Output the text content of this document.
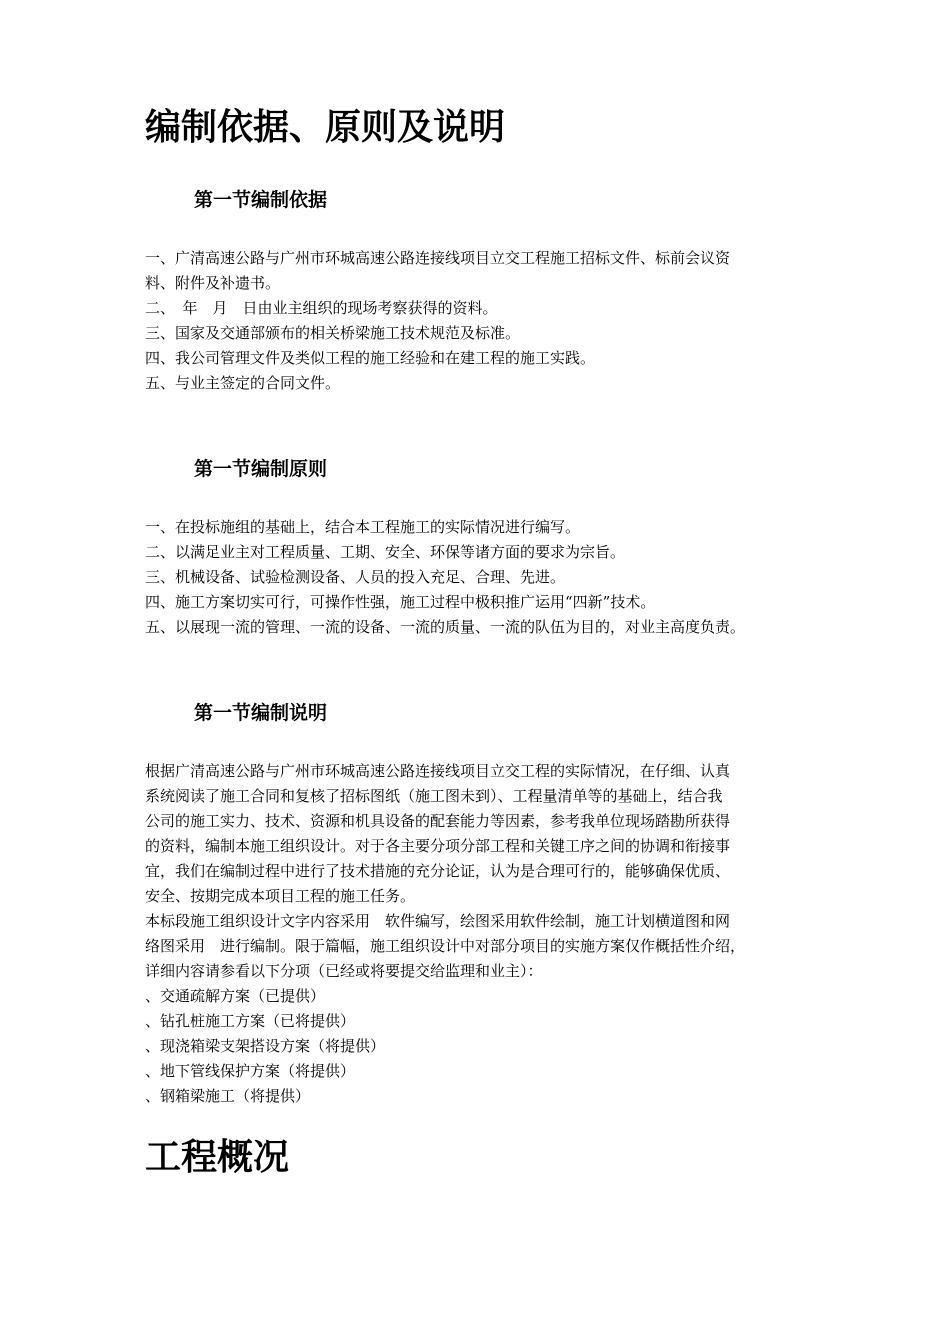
编制依据、原则及说明
第一节编制依据
一、广清高速公路与广州市环城高速公路连接线项目立交工程施工招标文件、标前会议资
料、附件及补遗书。
二、　年　月　日由业主组织的现场考察获得的资料。
三、国家及交通部颁布的相关桥梁施工技术规范及标准。
四、我公司管理文件及类似工程的施工经验和在建工程的施工实践。
五、与业主签定的合同文件。
第一节编制原则
一、在投标施组的基础上，结合本工程施工的实际情况进行编写。
二、以满足业主对工程质量、工期、安全、环保等诸方面的要求为宗旨。
三、机械设备、试验检测设备、人员的投入充足、合理、先进。
四、施工方案切实可行，可操作性强，施工过程中极积推广运用“四新”技术。
五、以展现一流的管理、一流的设备、一流的质量、一流的队伍为目的，对业主高度负责。
第一节编制说明
根据广清高速公路与广州市环城高速公路连接线项目立交工程的实际情况，在仔细、认真
系统阅读了施工合同和复核了招标图纸（施工图未到）、工程量清单等的基础上，结合我
公司的施工实力、技术、资源和机具设备的配套能力等因素，参考我单位现场踏勘所获得
的资料，编制本施工组织设计。对于各主要分项分部工程和关键工序之间的协调和衔接事
宜，我们在编制过程中进行了技术措施的充分论证，认为是合理可行的，能够确保优质、
安全、按期完成本项目工程的施工任务。
本标段施工组织设计文字内容采用　软件编写，绘图采用软件绘制，施工计划横道图和网
络图采用　进行编制。限于篇幅，施工组织设计中对部分项目的实施方案仅作概括性介绍，
详细内容请参看以下分项（已经或将要提交给监理和业主）：
、交通疏解方案（已提供）
、钻孔桩施工方案（已将提供）
、现浇箱梁支架搭设方案（将提供）
、地下管线保护方案（将提供）
、钢箱梁施工（将提供）
工程概况
